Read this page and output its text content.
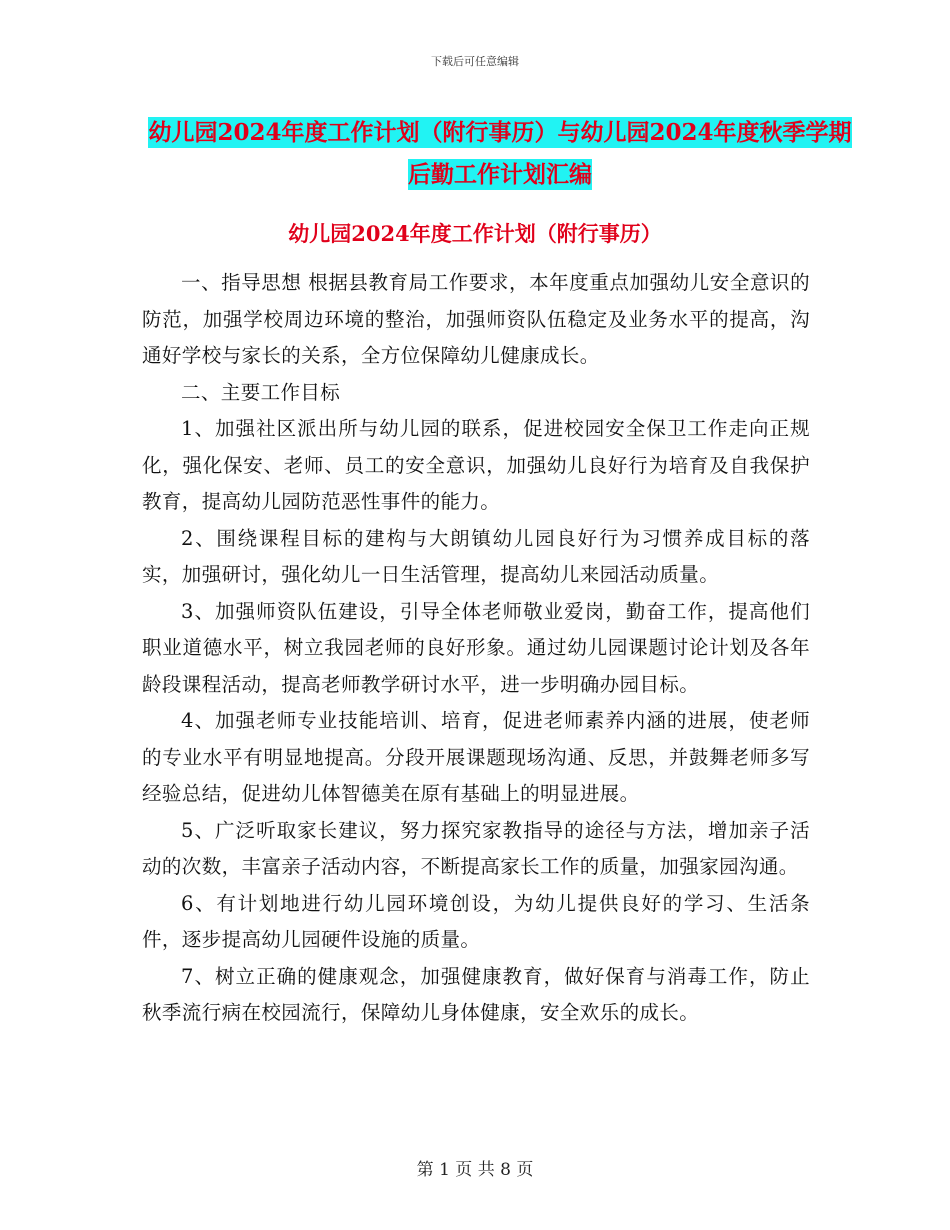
下载后可任意编辑
幼儿园2024年度工作计划（附行事历）与幼儿园2024年度秋季学期后勤工作计划汇编
幼儿园2024年度工作计划（附行事历）

一、指导思想 根据县教育局工作要求，本年度重点加强幼儿安全意识的防范，加强学校周边环境的整治，加强师资队伍稳定及业务水平的提高，沟通好学校与家长的关系，全方位保障幼儿健康成长。

二、主要工作目标

1、加强社区派出所与幼儿园的联系，促进校园安全保卫工作走向正规化，强化保安、老师、员工的安全意识，加强幼儿良好行为培育及自我保护教育，提高幼儿园防范恶性事件的能力。

2、围绕课程目标的建构与大朗镇幼儿园良好行为习惯养成目标的落实，加强研讨，强化幼儿一日生活管理，提高幼儿来园活动质量。

3、加强师资队伍建设，引导全体老师敬业爱岗，勤奋工作，提高他们职业道德水平，树立我园老师的良好形象。通过幼儿园课题讨论计划及各年龄段课程活动，提高老师教学研讨水平，进一步明确办园目标。

4、加强老师专业技能培训、培育，促进老师素养内涵的进展，使老师的专业水平有明显地提高。分段开展课题现场沟通、反思，并鼓舞老师多写经验总结，促进幼儿体智德美在原有基础上的明显进展。

5、广泛听取家长建议，努力探究家教指导的途径与方法，增加亲子活动的次数，丰富亲子活动内容，不断提高家长工作的质量，加强家园沟通。

6、有计划地进行幼儿园环境创设，为幼儿提供良好的学习、生活条件，逐步提高幼儿园硬件设施的质量。

7、树立正确的健康观念，加强健康教育，做好保育与消毒工作，防止秋季流行病在校园流行，保障幼儿身体健康，安全欢乐的成长。

第 1 页 共 8 页
